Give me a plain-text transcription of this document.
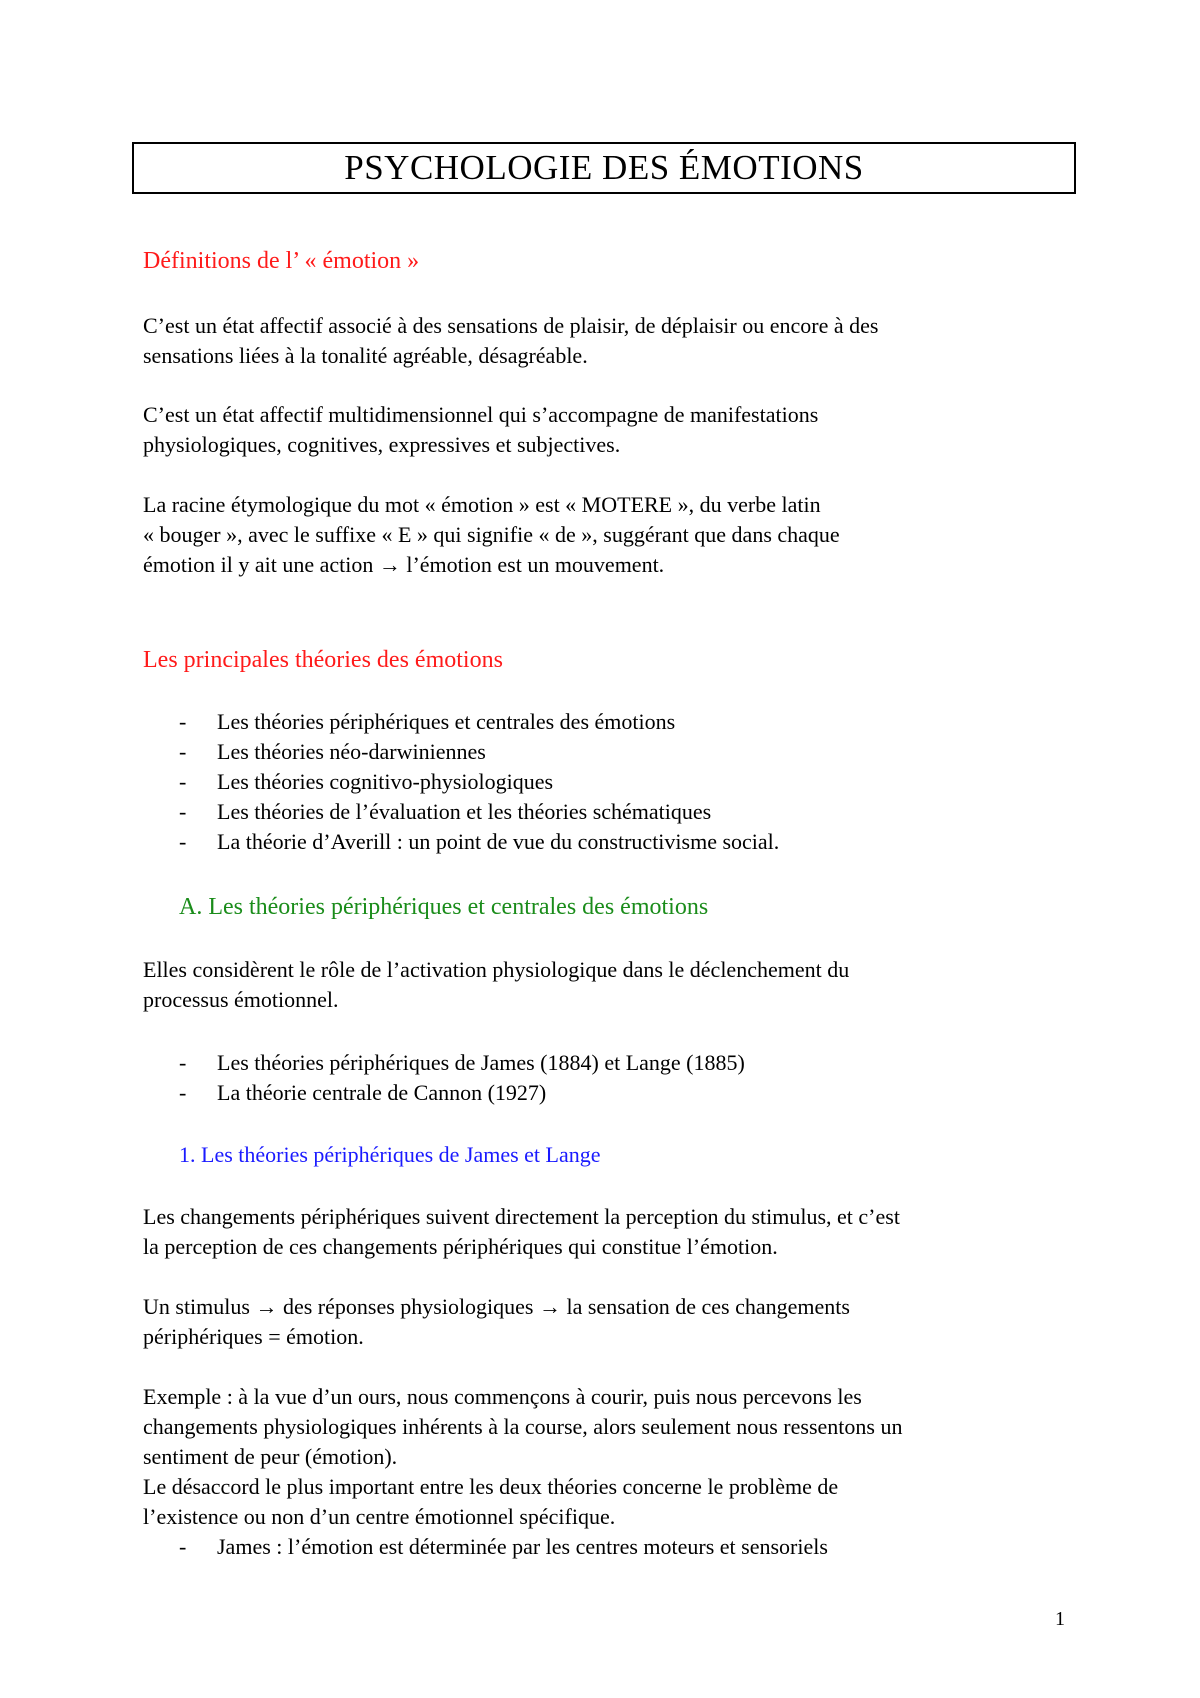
PSYCHOLOGIE DES ÉMOTIONS
Définitions de l’ « émotion »
C’est un état affectif associé à des sensations de plaisir, de déplaisir ou encore à des
sensations liées à la tonalité agréable, désagréable.
C’est un état affectif multidimensionnel qui s’accompagne de manifestations
physiologiques, cognitives, expressives et subjectives.
La racine étymologique du mot « émotion » est « MOTERE », du verbe latin
« bouger », avec le suffixe « E » qui signifie « de », suggérant que dans chaque
émotion il y ait une action → l’émotion est un mouvement.
Les principales théories des émotions
- Les théories périphériques et centrales des émotions
- Les théories néo-darwiniennes
- Les théories cognitivo-physiologiques
- Les théories de l’évaluation et les théories schématiques
- La théorie d’Averill : un point de vue du constructivisme social.
A. Les théories périphériques et centrales des émotions
Elles considèrent le rôle de l’activation physiologique dans le déclenchement du
processus émotionnel.
- Les théories périphériques de James (1884) et Lange (1885)
- La théorie centrale de Cannon (1927)
1. Les théories périphériques de James et Lange
Les changements périphériques suivent directement la perception du stimulus, et c’est
la perception de ces changements périphériques qui constitue l’émotion.
Un stimulus → des réponses physiologiques → la sensation de ces changements
périphériques = émotion.
Exemple : à la vue d’un ours, nous commençons à courir, puis nous percevons les
changements physiologiques inhérents à la course, alors seulement nous ressentons un
sentiment de peur (émotion).
Le désaccord le plus important entre les deux théories concerne le problème de
l’existence ou non d’un centre émotionnel spécifique.
- James : l’émotion est déterminée par les centres moteurs et sensoriels
1
